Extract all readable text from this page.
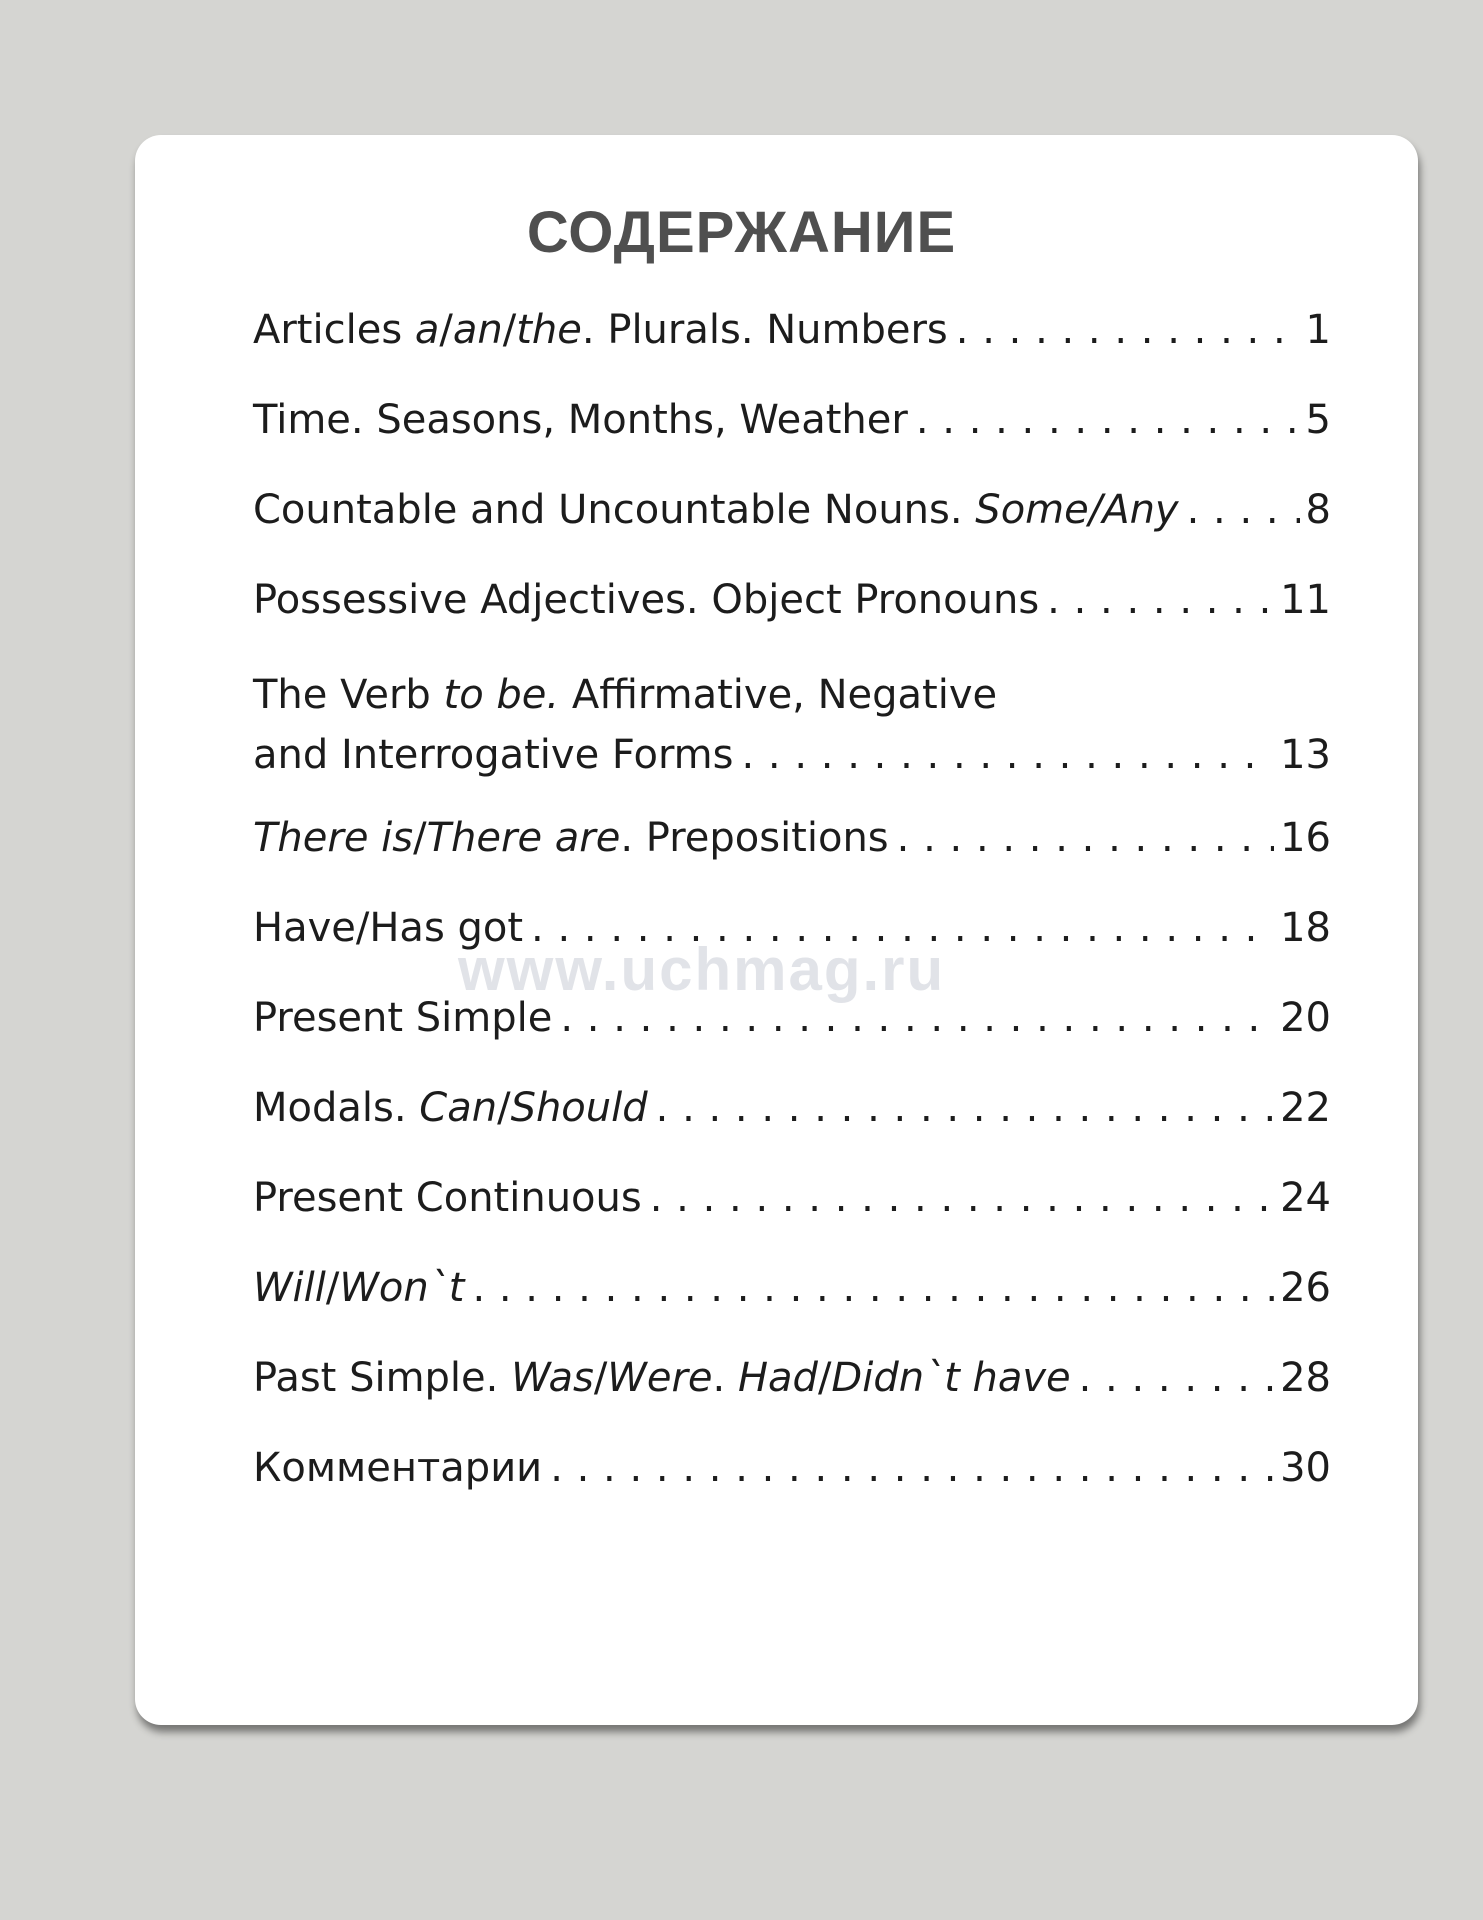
СОДЕРЖАНИЕ
Articles a/an/the. Plurals. Numbers . . .	1
Time. Seasons, Months, Weather . . .	5
Countable and Uncountable Nouns. Some/Any . . .	8
Possessive Adjectives. Object Pronouns . . .	11
The Verb to be. Affirmative, Negative
and Interrogative Forms . . .	13
There is/There are. Prepositions . . .	16
Have/Has got . . .	18
Present Simple . . .	20
Modals. Can/Should . . .	22
Present Continuous . . .	24
Will/Won`t . . .	26
Past Simple. Was/Were. Had/Didn`t have . . .	28
Комментарии . . .	30
www.uchmag.ru
